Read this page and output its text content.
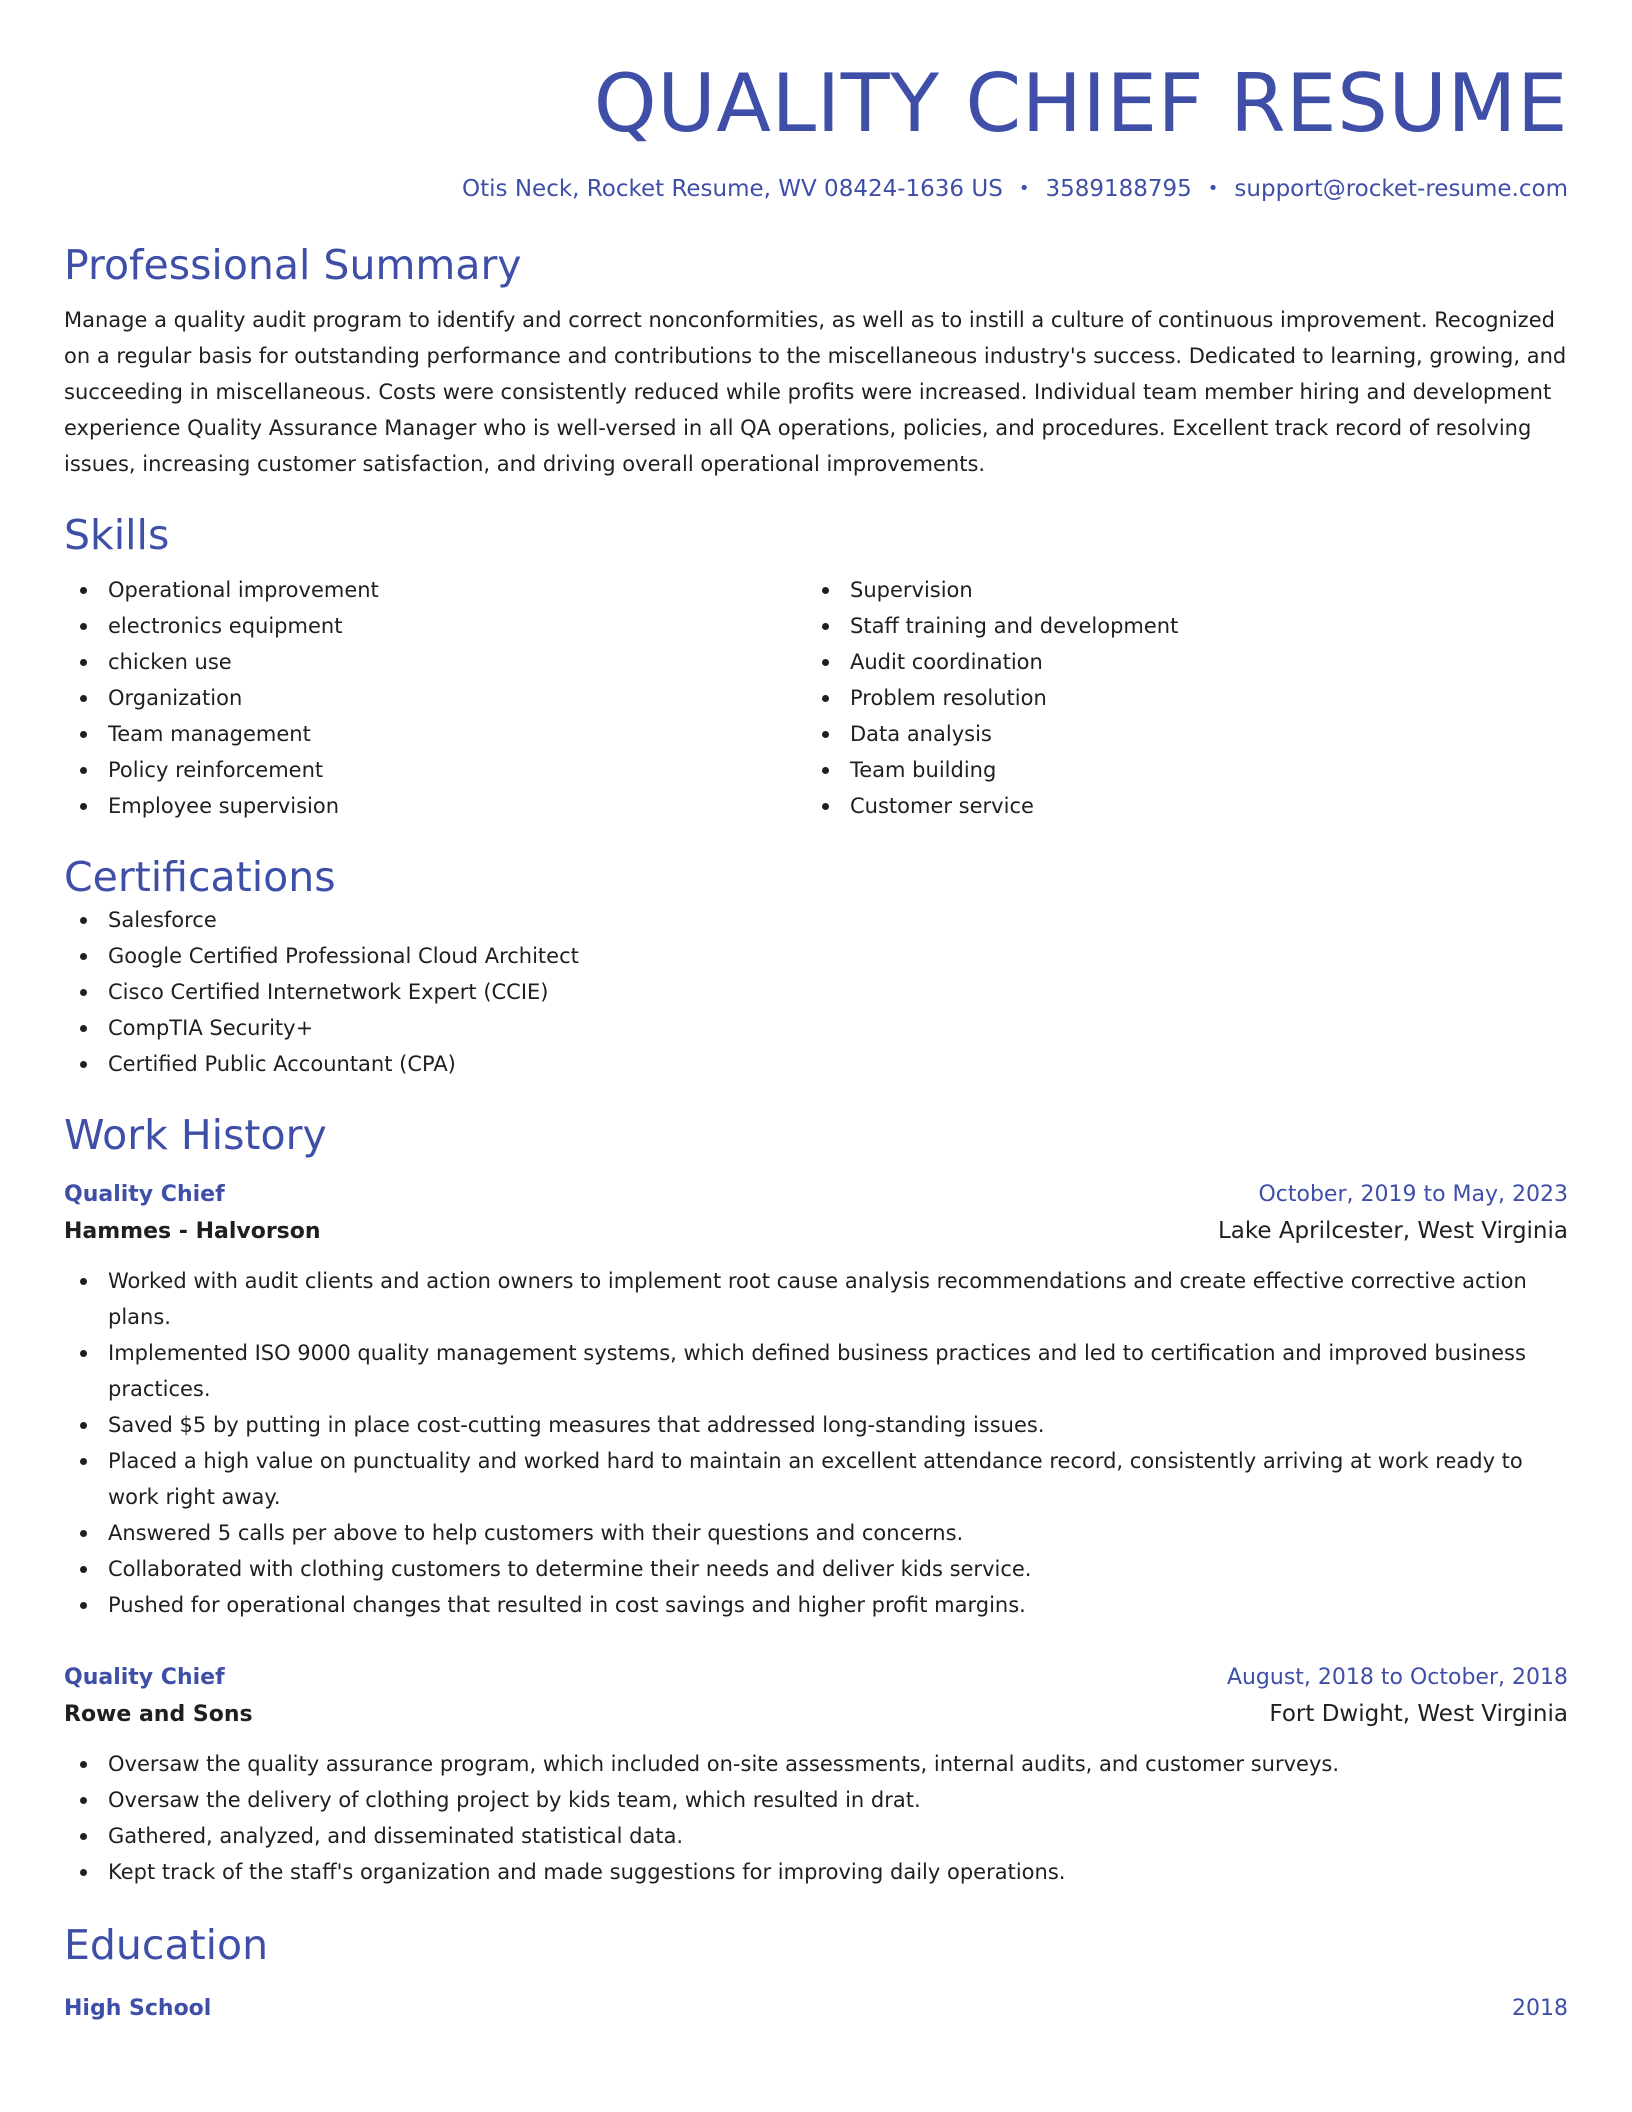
QUALITY CHIEF RESUME
Otis Neck, Rocket Resume, WV 08424-1636 US • 3589188795 • support@rocket-resume.com
Professional Summary

Manage a quality audit program to identify and correct nonconformities, as well as to instill a culture of continuous improvement. Recognized on a regular basis for outstanding performance and contributions to the miscellaneous industry's success. Dedicated to learning, growing, and succeeding in miscellaneous. Costs were consistently reduced while profits were increased. Individual team member hiring and development experience Quality Assurance Manager who is well-versed in all QA operations, policies, and procedures. Excellent track record of resolving issues, increasing customer satisfaction, and driving overall operational improvements.

Skills
Operational improvement
electronics equipment
chicken use
Organization
Team management
Policy reinforcement
Employee supervision
Supervision
Staff training and development
Audit coordination
Problem resolution
Data analysis
Team building
Customer service
Certifications
Salesforce
Google Certified Professional Cloud Architect
Cisco Certified Internetwork Expert (CCIE)
CompTIA Security+
Certified Public Accountant (CPA)
Work History
Quality Chief	October, 2019 to May, 2023
Hammes - Halvorson	Lake Aprilcester, West Virginia
Worked with audit clients and action owners to implement root cause analysis recommendations and create effective corrective action plans.
Implemented ISO 9000 quality management systems, which defined business practices and led to certification and improved business practices.
Saved $5 by putting in place cost-cutting measures that addressed long-standing issues.
Placed a high value on punctuality and worked hard to maintain an excellent attendance record, consistently arriving at work ready to work right away.
Answered 5 calls per above to help customers with their questions and concerns.
Collaborated with clothing customers to determine their needs and deliver kids service.
Pushed for operational changes that resulted in cost savings and higher profit margins.
Quality Chief	August, 2018 to October, 2018
Rowe and Sons	Fort Dwight, West Virginia
Oversaw the quality assurance program, which included on-site assessments, internal audits, and customer surveys.
Oversaw the delivery of clothing project by kids team, which resulted in drat.
Gathered, analyzed, and disseminated statistical data.
Kept track of the staff's organization and made suggestions for improving daily operations.
Education
High School	2018
